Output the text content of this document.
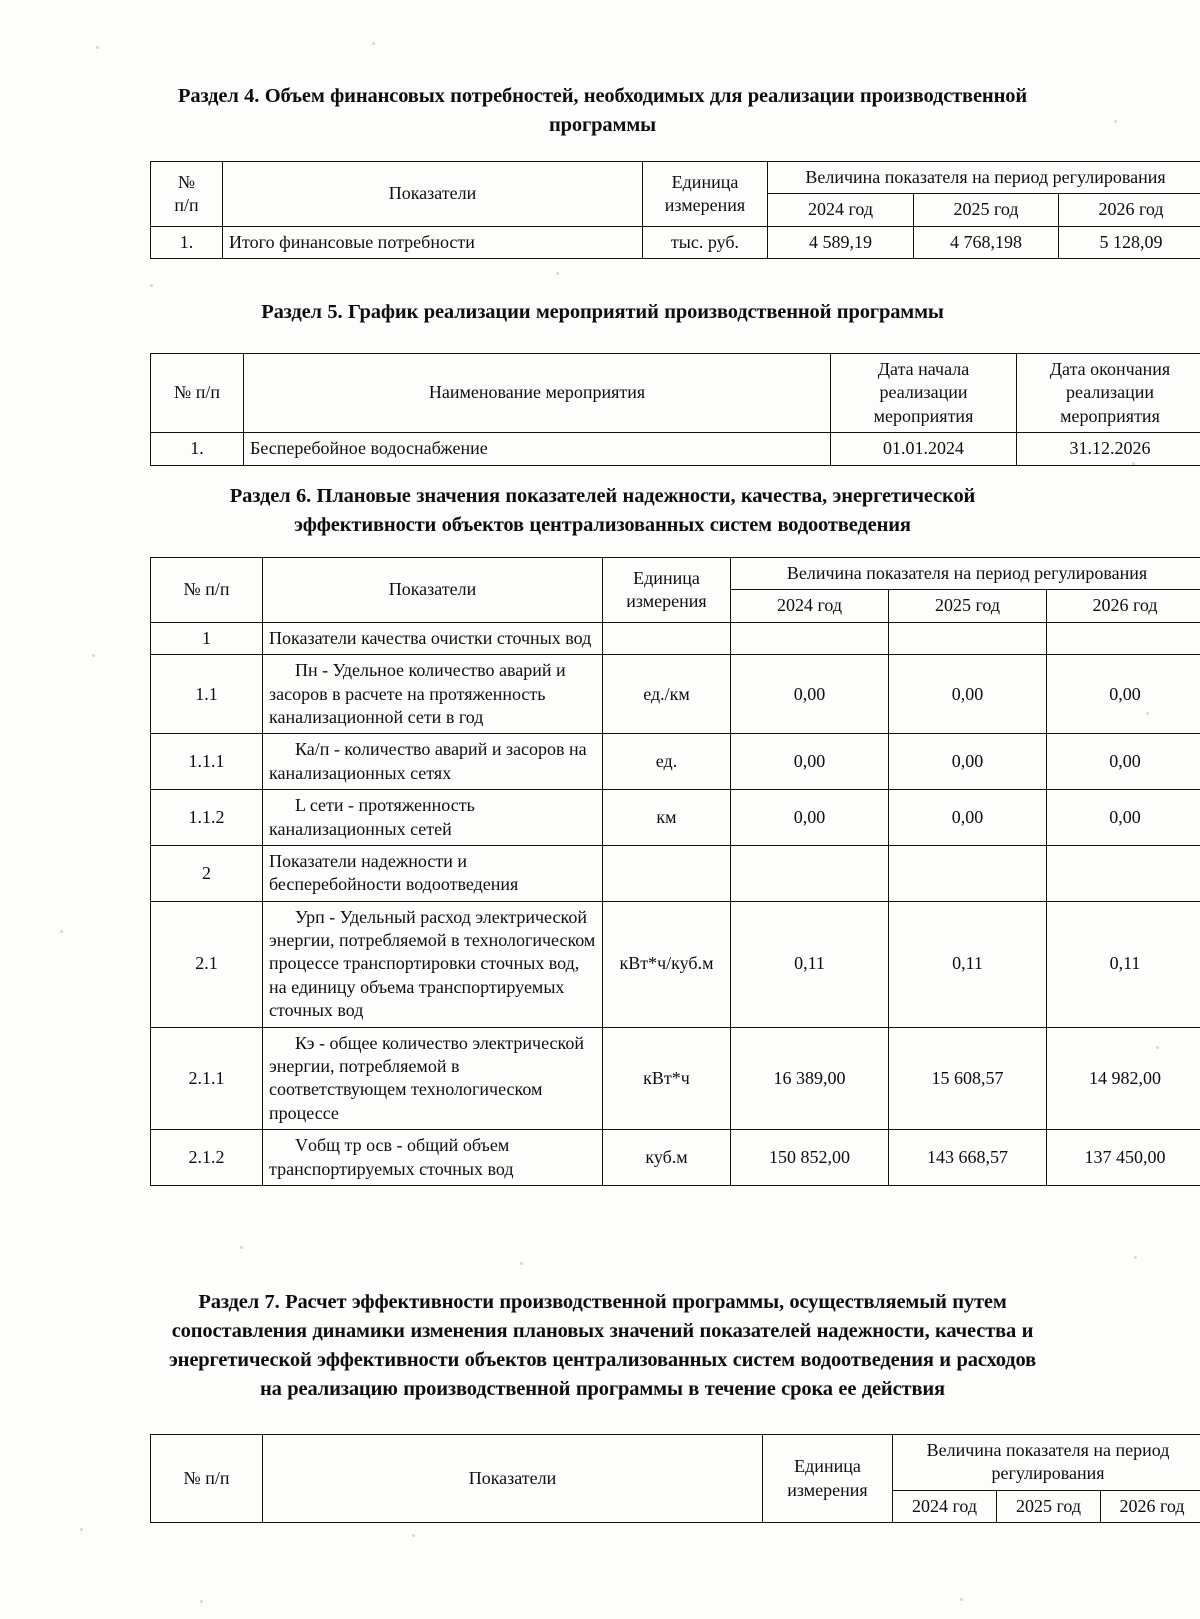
Раздел 4. Объем финансовых потребностей, необходимых для реализации производственной
программы
№
п/п	Показатели	Единица
измерения	Величина показателя на период регулирования		
			2024 год	2025 год	2026 год
1.	Итого финансовые потребности	тыс. руб.	4 589,19	4 768,198	5 128,09
Раздел 5. График реализации мероприятий производственной программы
№ п/п	Наименование мероприятия	Дата начала
реализации
мероприятия	Дата окончания
реализации
мероприятия
1.	Бесперебойное водоснабжение	01.01.2024	31.12.2026
Раздел 6. Плановые значения показателей надежности, качества, энергетической
эффективности объектов централизованных систем водоотведения
№ п/п	Показатели	Единица
измерения	Величина показателя на период регулирования		
			2024 год	2025 год	2026 год
1	Показатели качества очистки сточных вод				
1.1	Пн - Удельное количество аварий и засоров в расчете на протяженность канализационной сети в год	ед./км	0,00	0,00	0,00
1.1.1	Ка/п - количество аварий и засоров на канализационных сетях	ед.	0,00	0,00	0,00
1.1.2	L сети - протяженность канализационных сетей	км	0,00	0,00	0,00
2	Показатели надежности и бесперебойности водоотведения				
2.1	Урп - Удельный расход электрической энергии, потребляемой в технологическом процессе транспортировки сточных вод, на единицу объема транспортируемых сточных вод	кВт*ч/куб.м	0,11	0,11	0,11
2.1.1	Кэ - общее количество электрической энергии, потребляемой в соответствующем технологическом процессе	кВт*ч	16 389,00	15 608,57	14 982,00
2.1.2	Vобщ тр осв - общий объем транспортируемых сточных вод	куб.м	150 852,00	143 668,57	137 450,00
Раздел 7. Расчет эффективности производственной программы, осуществляемый путем
сопоставления динамики изменения плановых значений показателей надежности, качества и
энергетической эффективности объектов централизованных систем водоотведения и расходов
на реализацию производственной программы в течение срока ее действия
№ п/п	Показатели	Единица
измерения	Величина показателя на период регулирования		
			2024 год	2025 год	2026 год
